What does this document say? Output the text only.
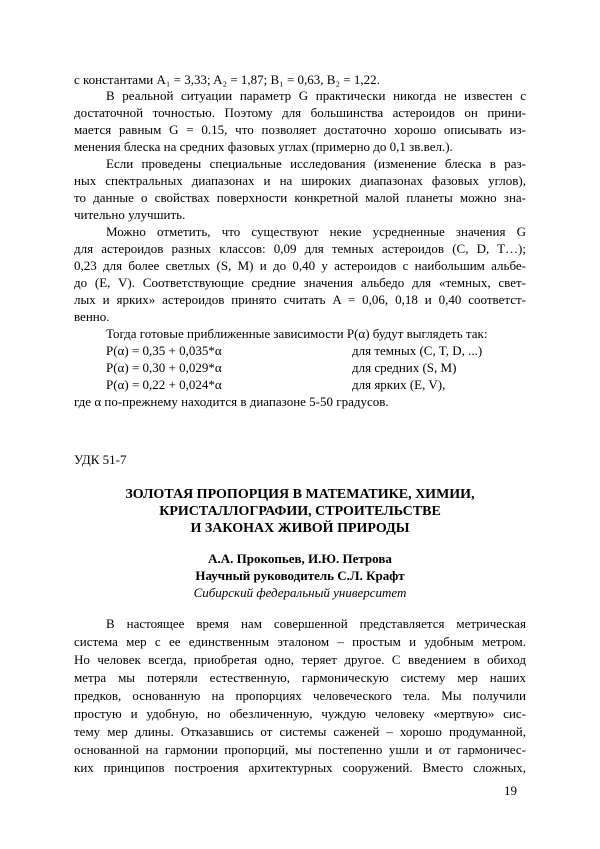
с константами A₁ = 3,33; A₂ = 1,87; B₁ = 0,63, B₂ = 1,22.
В реальной ситуации параметр G практически никогда не известен с
достаточной точностью. Поэтому для большинства астероидов он прини-
мается равным G = 0.15, что позволяет достаточно хорошо описывать из-
менения блеска на средних фазовых углах (примерно до 0,1 зв.вел.).
Если проведены специальные исследования (изменение блеска в раз-
ных спектральных диапазонах и на широких диапазонах фазовых углов),
то данные о свойствах поверхности конкретной малой планеты можно зна-
чительно улучшить.
Можно отметить, что существуют некие усредненные значения G
для астероидов разных классов: 0,09 для темных астероидов (C, D, T…);
0,23 для более светлых (S, M) и до 0,40 у астероидов с наибольшим альбе-
до (E, V). Соответствующие средние значения альбедо для «темных, свет-
лых и ярких» астероидов принято считать A = 0,06, 0,18 и 0,40 соответст-
венно.
Тогда готовые приближенные зависимости P(α) будут выглядеть так:
P(α) = 0,35 + 0,035*α	для темных (C, T, D, ...)
P(α) = 0,30 + 0,029*α	для средних (S, M)
P(α) = 0,22 + 0,024*α	для ярких (E, V),
где α по-прежнему находится в диапазоне 5-50 градусов.
УДК 51-7
ЗОЛОТАЯ ПРОПОРЦИЯ В МАТЕМАТИКЕ, ХИМИИ,
КРИСТАЛЛОГРАФИИ, СТРОИТЕЛЬСТВЕ
И ЗАКОНАХ ЖИВОЙ ПРИРОДЫ
А.А. Прокопьев, И.Ю. Петрова
Научный руководитель С.Л. Крафт
Сибирский федеральный университет
В настоящее время нам совершенной представляется метрическая
система мер с ее единственным эталоном – простым и удобным метром.
Но человек всегда, приобретая одно, теряет другое. С введением в обиход
метра мы потеряли естественную, гармоническую систему мер наших
предков, основанную на пропорциях человеческого тела. Мы получили
простую и удобную, но обезличенную, чуждую человеку «мертвую» сис-
тему мер длины. Отказавшись от системы саженей – хорошо продуманной,
основанной на гармонии пропорций, мы постепенно ушли и от гармоничес-
ких принципов построения архитектурных сооружений. Вместо сложных,
19
